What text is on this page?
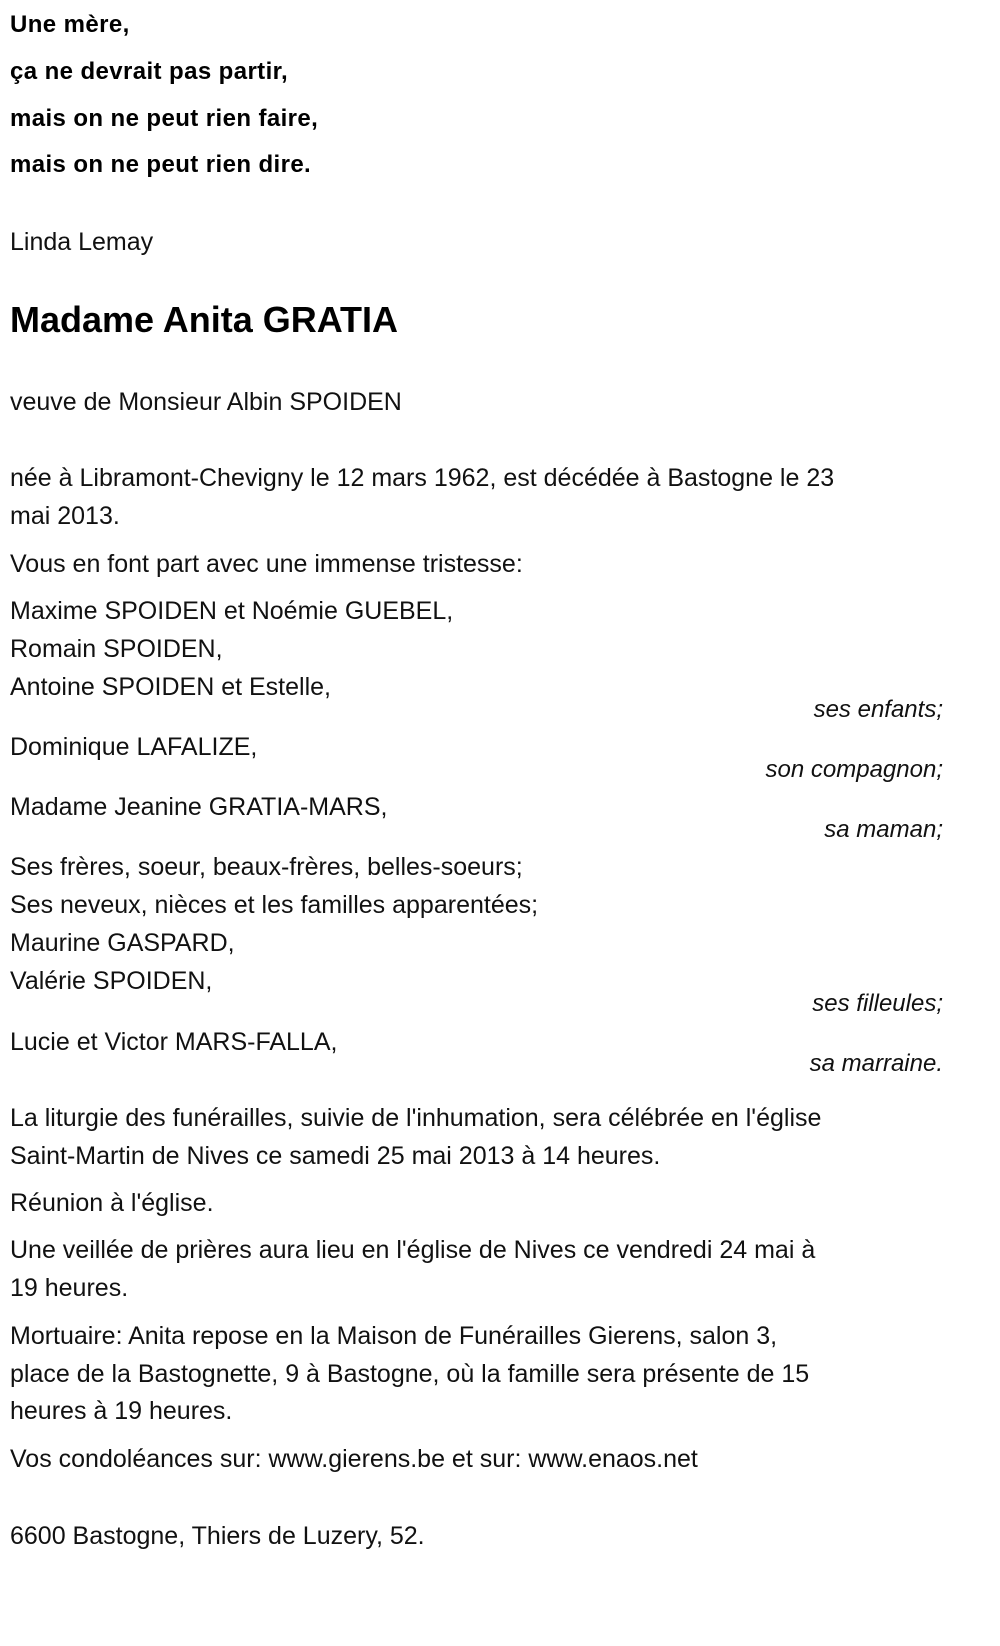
Une mère,
ça ne devrait pas partir,
mais on ne peut rien faire,
mais on ne peut rien dire.
Linda Lemay
Madame Anita GRATIA
veuve de Monsieur Albin SPOIDEN
née à Libramont-Chevigny le 12 mars 1962, est décédée à Bastogne le 23
mai 2013.
Vous en font part avec une immense tristesse:
Maxime SPOIDEN et Noémie GUEBEL,
Romain SPOIDEN,
Antoine SPOIDEN et Estelle,
ses enfants;
Dominique LAFALIZE,
son compagnon;
Madame Jeanine GRATIA-MARS,
sa maman;
Ses frères, soeur, beaux-frères, belles-soeurs;
Ses neveux, nièces et les familles apparentées;
Maurine GASPARD,
Valérie SPOIDEN,
ses filleules;
Lucie et Victor MARS-FALLA,
sa marraine.
La liturgie des funérailles, suivie de l'inhumation, sera célébrée en l'église
Saint-Martin de Nives ce samedi 25 mai 2013 à 14 heures.
Réunion à l'église.
Une veillée de prières aura lieu en l'église de Nives ce vendredi 24 mai à
19 heures.
Mortuaire: Anita repose en la Maison de Funérailles Gierens, salon 3,
place de la Bastognette, 9 à Bastogne, où la famille sera présente de 15
heures à 19 heures.
Vos condoléances sur: www.gierens.be et sur: www.enaos.net
6600 Bastogne, Thiers de Luzery, 52.
